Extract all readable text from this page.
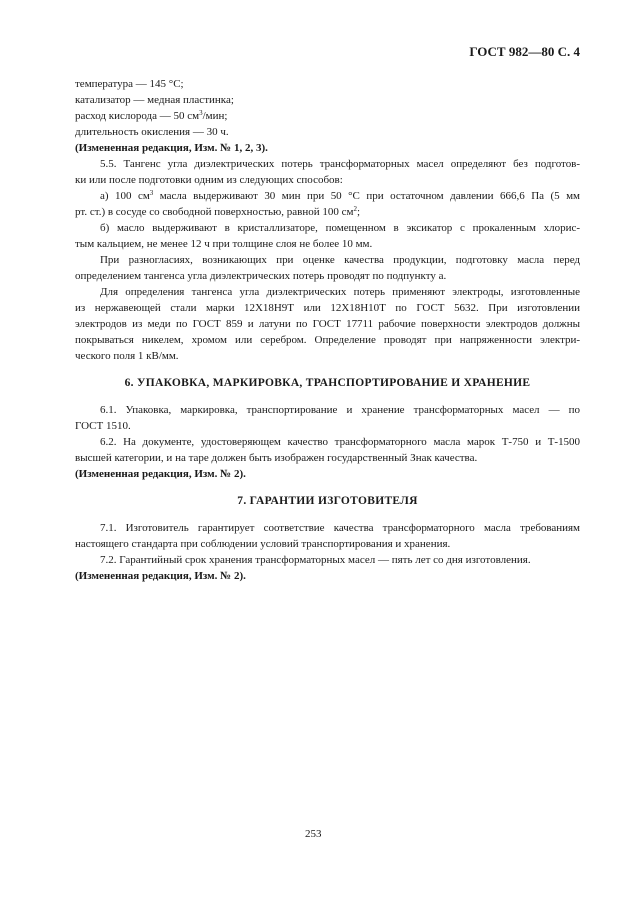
ГОСТ 982—80 С. 4
температура — 145 °С;
катализатор — медная пластинка;
расход кислорода — 50 $см^3$/мин;
длительность окисления — 30 ч.
(Измененная редакция, Изм. № 1, 2, 3).
5.5. Тангенс угла диэлектрических потерь трансформаторных масел определяют без подготов-
ки или после подготовки одним из следующих способов:
а) 100 $см^3$ масла выдерживают 30 мин при 50 °С при остаточном давлении 666,6 Па (5 мм
рт. ст.) в сосуде со свободной поверхностью, равной 100 $см^2$;
б) масло выдерживают в кристаллизаторе, помещенном в эксикатор с прокаленным хлорис-
тым кальцием, не менее 12 ч при толщине слоя не более 10 мм.
При разногласиях, возникающих при оценке качества продукции, подготовку масла перед
определением тангенса угла диэлектрических потерь проводят по подпункту а.
Для определения тангенса угла диэлектрических потерь применяют электроды, изготовленные
из нержавеющей стали марки 12Х18Н9Т или 12Х18Н10Т по ГОСТ 5632. При изготовлении
электродов из меди по ГОСТ 859 и латуни по ГОСТ 17711 рабочие поверхности электродов должны
покрываться никелем, хромом или серебром. Определение проводят при напряженности электри-
ческого поля 1 кВ/мм.
6. УПАКОВКА, МАРКИРОВКА, ТРАНСПОРТИРОВАНИЕ И ХРАНЕНИЕ
6.1. Упаковка, маркировка, транспортирование и хранение трансформаторных масел — по
ГОСТ 1510.
6.2. На документе, удостоверяющем качество трансформаторного масла марок Т-750 и Т-1500
высшей категории, и на таре должен быть изображен государственный Знак качества.
(Измененная редакция, Изм. № 2).
7. ГАРАНТИИ ИЗГОТОВИТЕЛЯ
7.1. Изготовитель гарантирует соответствие качества трансформаторного масла требованиям
настоящего стандарта при соблюдении условий транспортирования и хранения.
7.2. Гарантийный срок хранения трансформаторных масел — пять лет со дня изготовления.
(Измененная редакция, Изм. № 2).
253
